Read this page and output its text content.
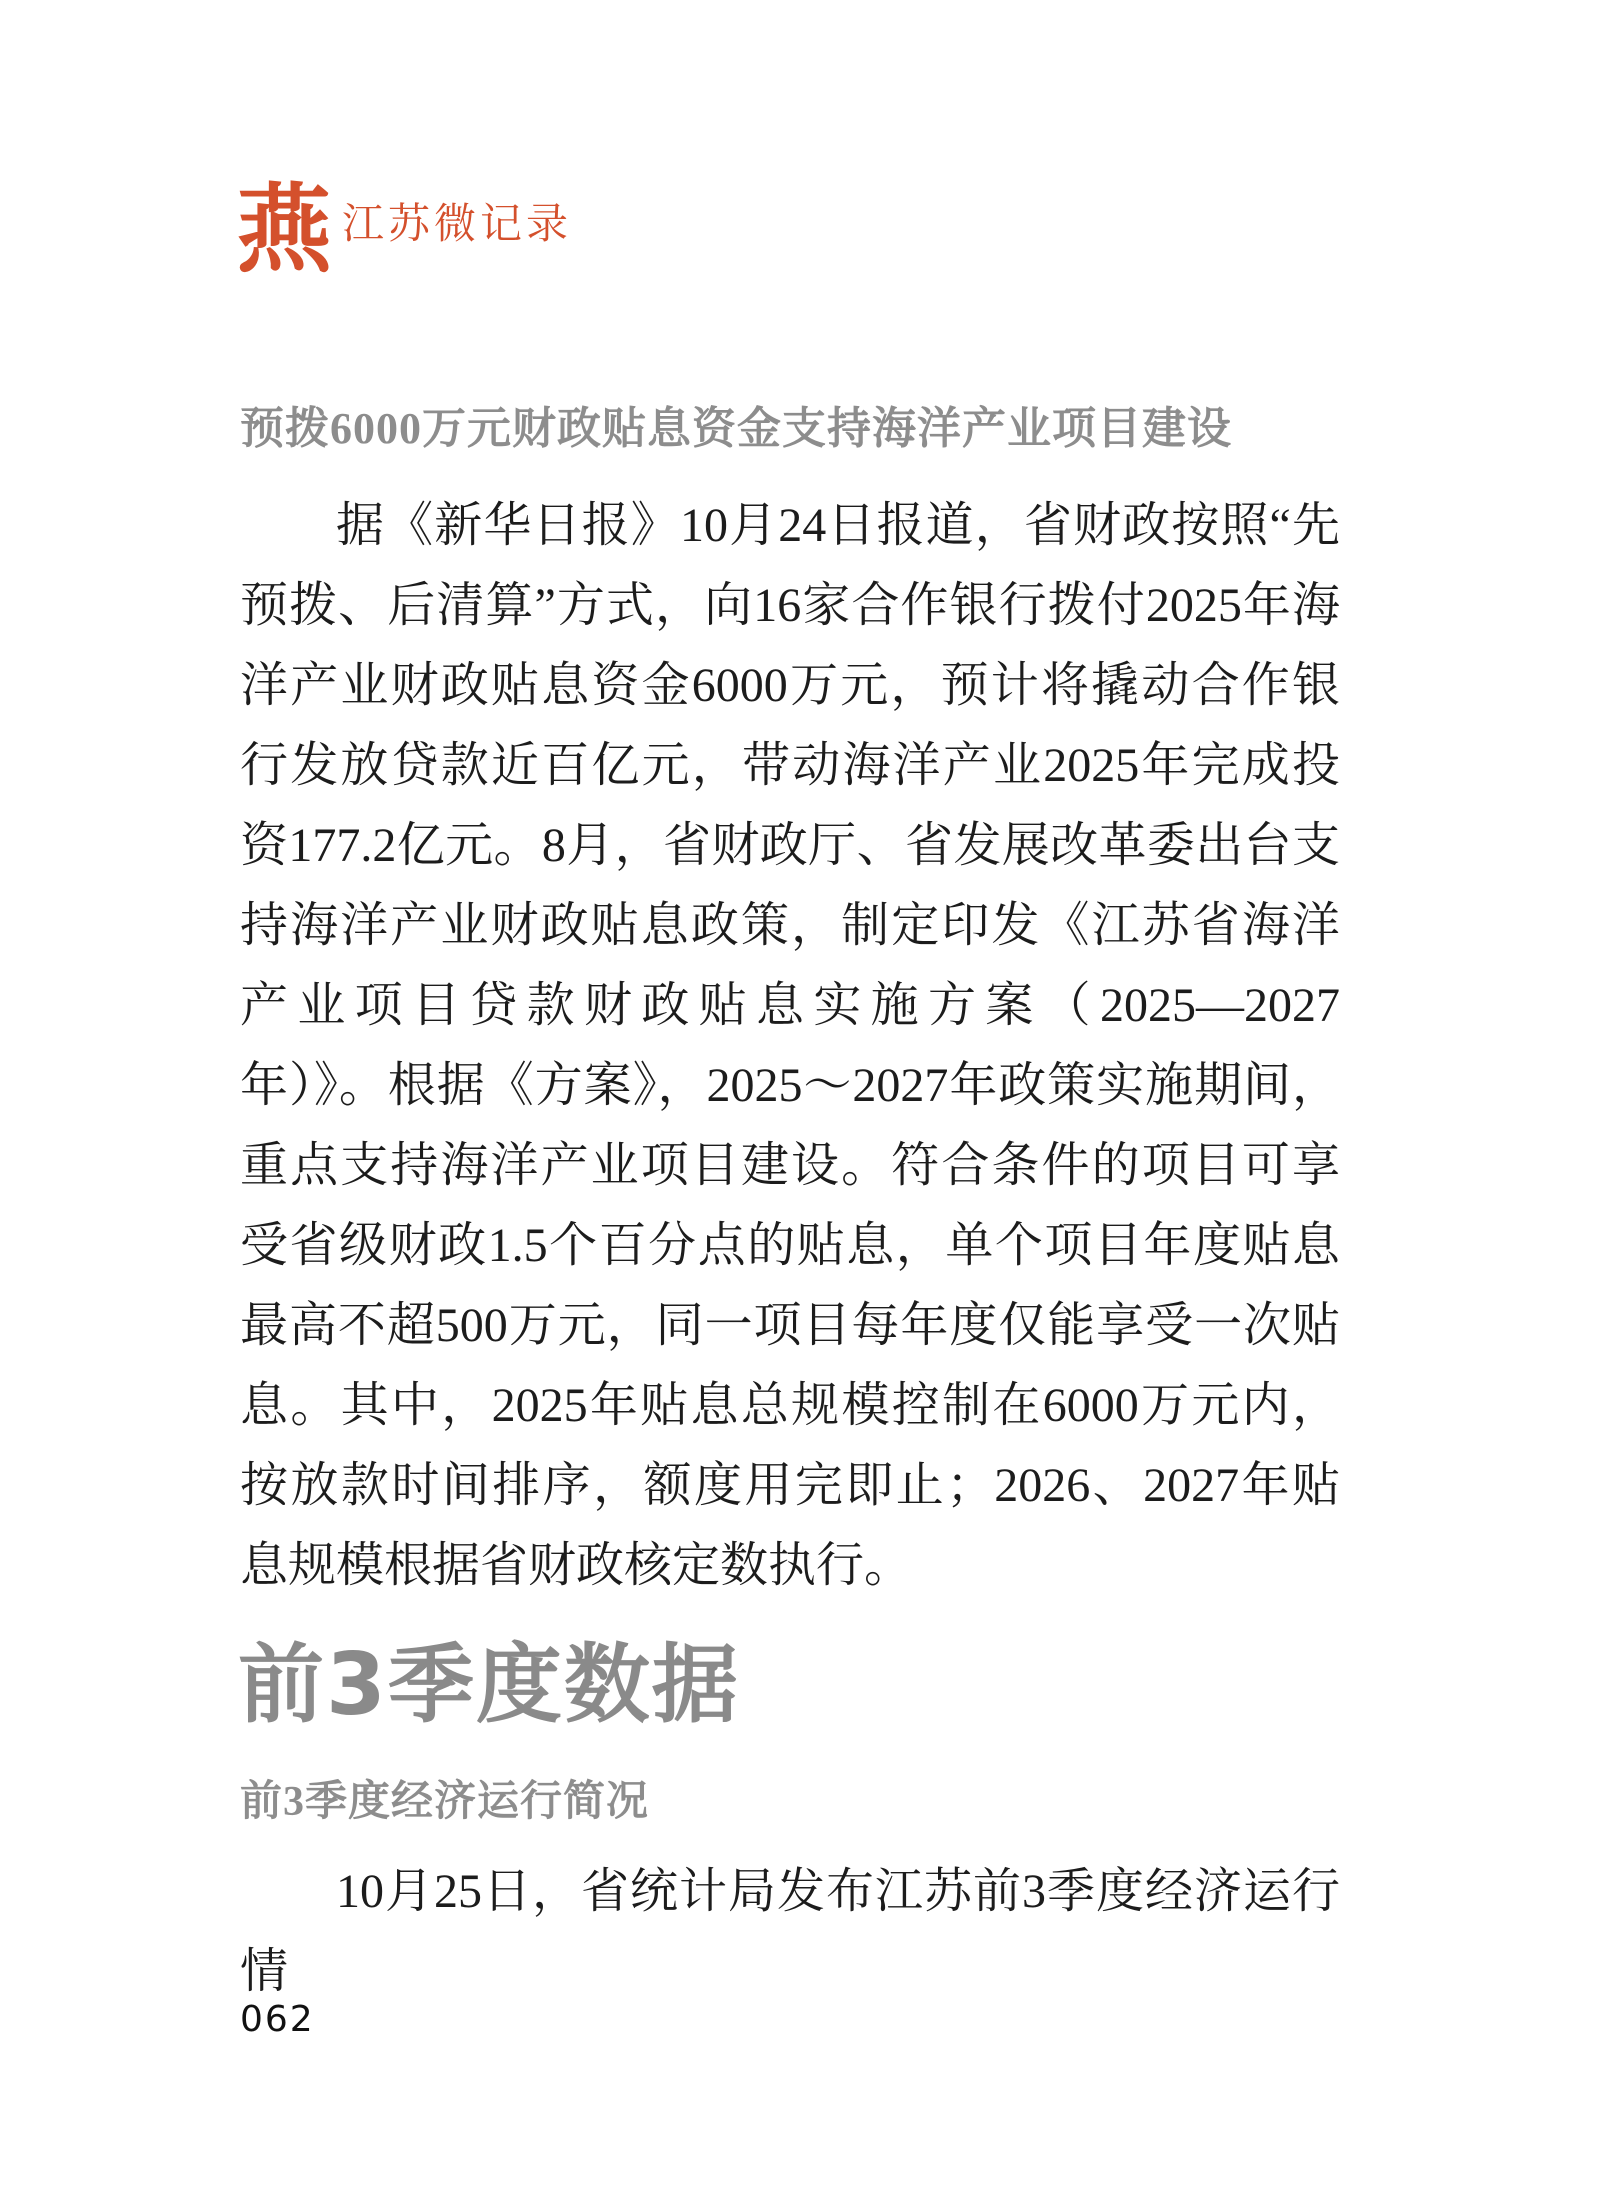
燕 江苏微记录
预拨6000万元财政贴息资金支持海洋产业项目建设

据《新华日报》10月24日报道，省财政按照“先预拨、后清算”方式，向16家合作银行拨付2025年海洋产业财政贴息资金6000万元，预计将撬动合作银行发放贷款近百亿元，带动海洋产业2025年完成投资177.2亿元。8月，省财政厅、省发展改革委出台支持海洋产业财政贴息政策，制定印发《江苏省海洋产业项目贷款财政贴息实施方案（2025—2027年）》。根据《方案》，2025～2027年政策实施期间，重点支持海洋产业项目建设。符合条件的项目可享受省级财政1.5个百分点的贴息，单个项目年度贴息最高不超500万元，同一项目每年度仅能享受一次贴息。其中，2025年贴息总规模控制在6000万元内，按放款时间排序，额度用完即止；2026、2027年贴息规模根据省财政核定数执行。

前3季度数据
前3季度经济运行简况

10月25日，省统计局发布江苏前3季度经济运行情

062
